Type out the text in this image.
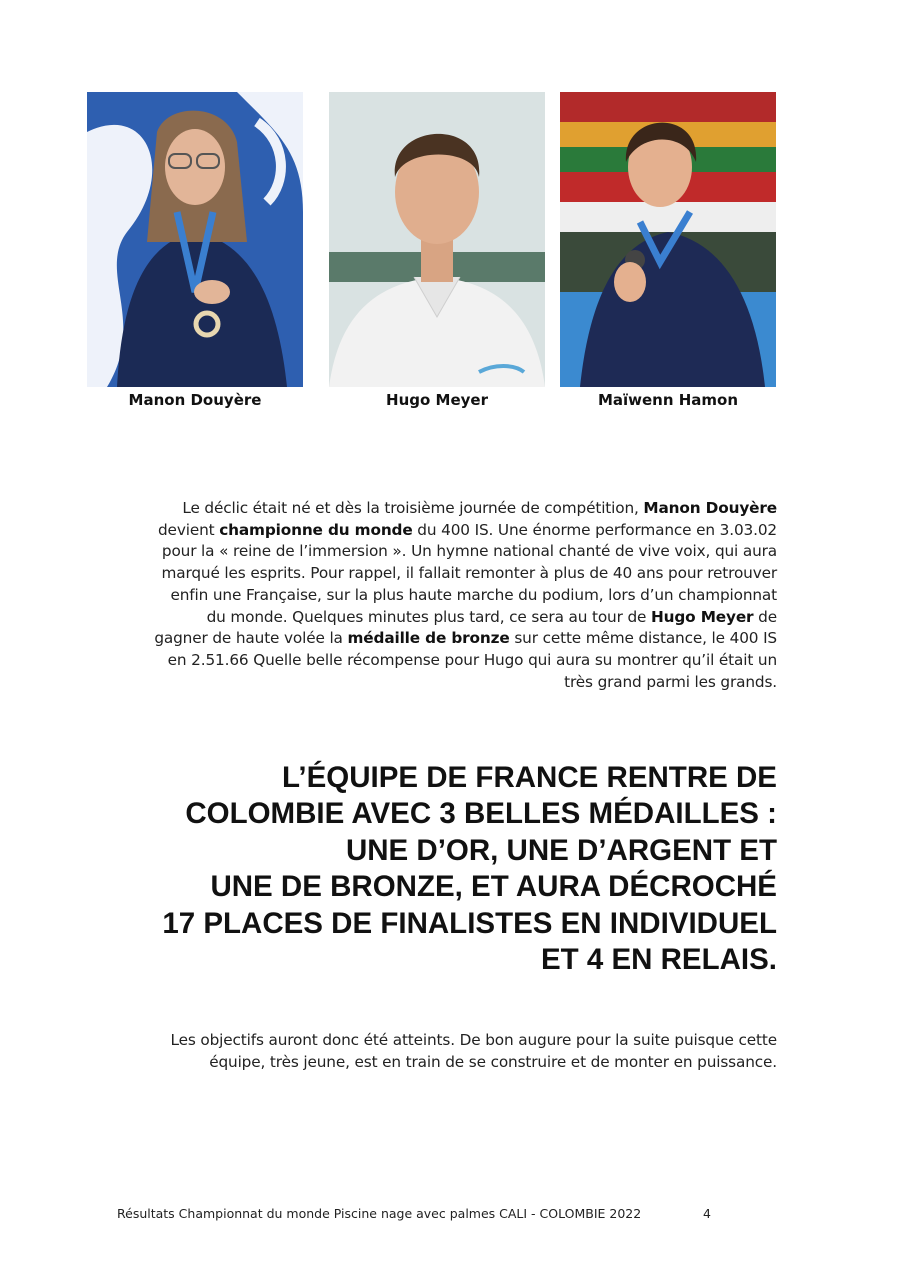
Manon Douyère	Hugo Meyer	Maïwenn Hamon
Le déclic était né et dès la troisième journée de compétition, Manon Douyère devient championne du monde du 400 IS. Une énorme performance en 3.03.02 pour la « reine de l’immersion ». Un hymne national chanté de vive voix, qui aura marqué les esprits. Pour rappel, il fallait remonter à plus de 40 ans pour retrouver enfin une Française, sur la plus haute marche du podium, lors d’un championnat du monde. Quelques minutes plus tard, ce sera au tour de Hugo Meyer de gagner de haute volée la médaille de bronze sur cette même distance, le 400 IS en 2.51.66 Quelle belle récompense pour Hugo qui aura su montrer qu’il était un très grand parmi les grands.
L’ÉQUIPE DE FRANCE RENTRE DE
COLOMBIE AVEC 3 BELLES MÉDAILLES :
UNE D’OR, UNE D’ARGENT ET
UNE DE BRONZE, ET AURA DÉCROCHÉ
17 PLACES DE FINALISTES EN INDIVIDUEL
ET 4 EN RELAIS.
Les objectifs auront donc été atteints. De bon augure pour la suite puisque cette équipe, très jeune, est en train de se construire et de monter en puissance.
Résultats Championnat du monde Piscine nage avec palmes CALI - COLOMBIE 2022	4
